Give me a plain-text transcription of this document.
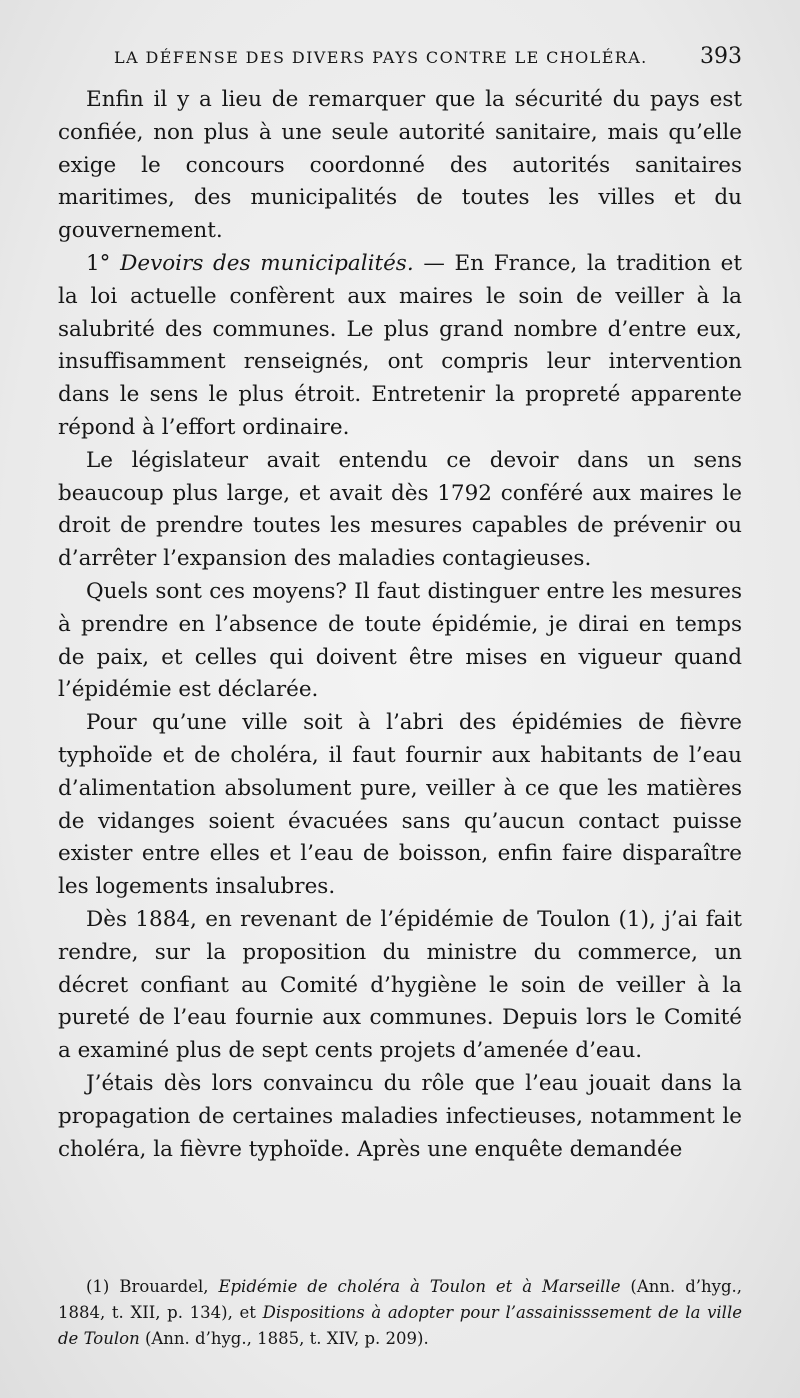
LA DÉFENSE DES DIVERS PAYS CONTRE LE CHOLÉRA. 393

Enfin il y a lieu de remarquer que la sécurité du pays est confiée, non plus à une seule autorité sanitaire, mais qu’elle exige le concours coordonné des autorités sanitaires maritimes, des municipalités de toutes les villes et du gouvernement.

1° Devoirs des municipalités. — En France, la tradition et la loi actuelle confèrent aux maires le soin de veiller à la salubrité des communes. Le plus grand nombre d’entre eux, insuffisamment renseignés, ont compris leur intervention dans le sens le plus étroit. Entretenir la propreté apparente répond à l’effort ordinaire.

Le législateur avait entendu ce devoir dans un sens beaucoup plus large, et avait dès 1792 conféré aux maires le droit de prendre toutes les mesures capables de prévenir ou d’arrêter l’expansion des maladies contagieuses.

Quels sont ces moyens? Il faut distinguer entre les mesures à prendre en l’absence de toute épidémie, je dirai en temps de paix, et celles qui doivent être mises en vigueur quand l’épidémie est déclarée.

Pour qu’une ville soit à l’abri des épidémies de fièvre typhoïde et de choléra, il faut fournir aux habitants de l’eau d’alimentation absolument pure, veiller à ce que les matières de vidanges soient évacuées sans qu’aucun contact puisse exister entre elles et l’eau de boisson, enfin faire disparaître les logements insalubres.

Dès 1884, en revenant de l’épidémie de Toulon (1), j’ai fait rendre, sur la proposition du ministre du commerce, un décret confiant au Comité d’hygiène le soin de veiller à la pureté de l’eau fournie aux communes. Depuis lors le Comité a examiné plus de sept cents projets d’amenée d’eau.

J’étais dès lors convaincu du rôle que l’eau jouait dans la propagation de certaines maladies infectieuses, notamment le choléra, la fièvre typhoïde. Après une enquête demandée

(1) Brouardel, Epidémie de choléra à Toulon et à Marseille (Ann. d’hyg., 1884, t. XII, p. 134), et Dispositions à adopter pour l’assainisssement de la ville de Toulon (Ann. d’hyg., 1885, t. XIV, p. 209).
